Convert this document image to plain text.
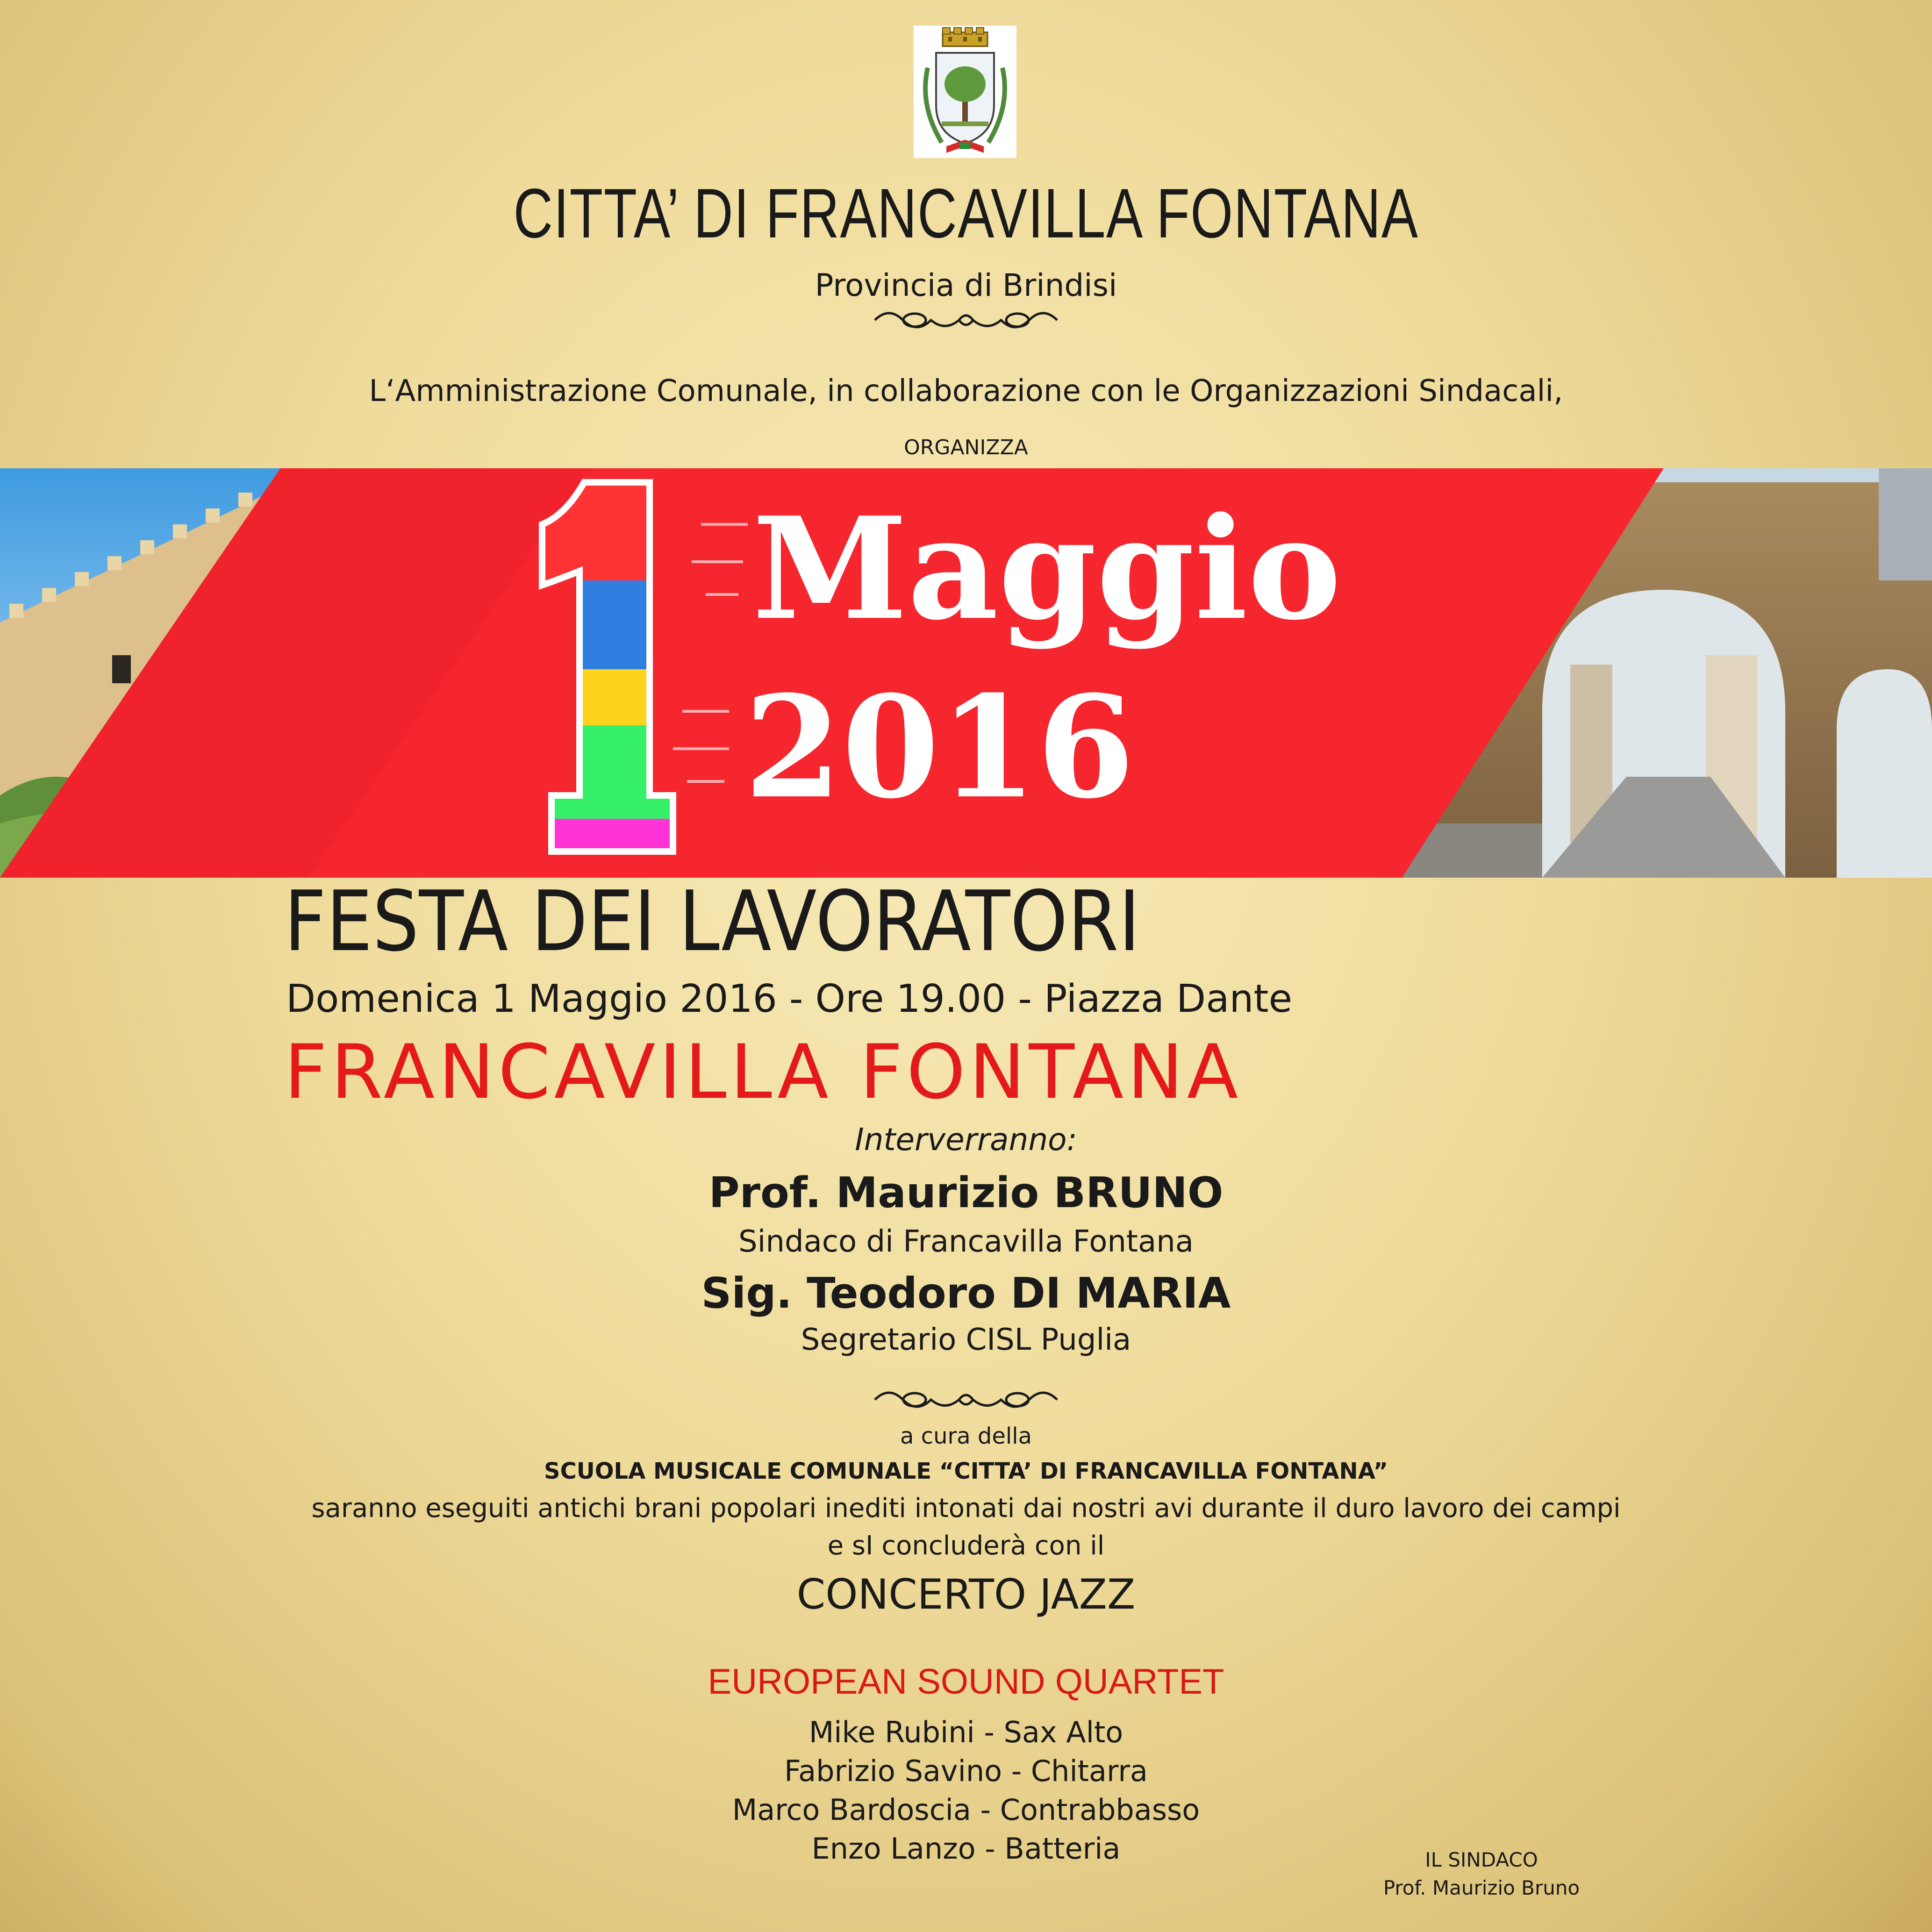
CITTA’ DI FRANCAVILLA FONTANA
Provincia di Brindisi
L‘Amministrazione Comunale, in collaborazione con le Organizzazioni Sindacali,
ORGANIZZA
Maggio
2016
FESTA DEI LAVORATORI
Domenica 1 Maggio 2016 - Ore 19.00 - Piazza Dante
FRANCAVILLA FONTANA
Interverranno:
Prof. Maurizio BRUNO
Sindaco di Francavilla Fontana
Sig. Teodoro DI MARIA
Segretario CISL Puglia
a cura della
SCUOLA MUSICALE COMUNALE “CITTA’ DI FRANCAVILLA FONTANA”
saranno eseguiti antichi brani popolari inediti intonati dai nostri avi durante il duro lavoro dei campi
e sI concluderà con il
CONCERTO JAZZ
EUROPEAN SOUND QUARTET
Mike Rubini - Sax Alto
Fabrizio Savino - Chitarra
Marco Bardoscia - Contrabbasso
Enzo Lanzo - Batteria	IL SINDACO
Prof. Maurizio Bruno
